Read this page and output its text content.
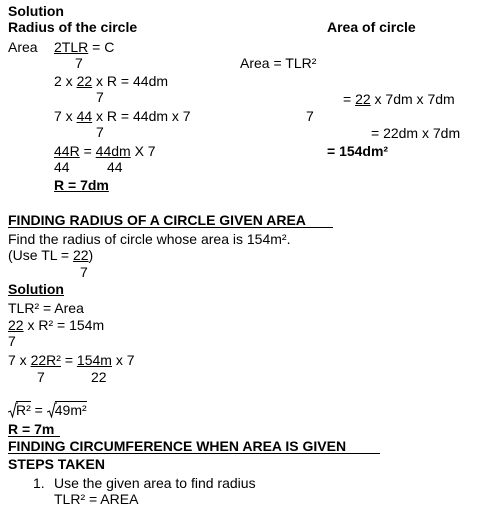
Solution
Radius of the circle	Area of circle
Area 2TLR = C
7
2 x 22 x R = 44dm
7
7 x 44 x R = 44dm x 7
7
44R = 44dm X 7
44	44
R = 7dm
Area = TLR²
= 22 x 7dm x 7dm
7
= 22dm x 7dm
= 154dm²
FINDING RADIUS OF A CIRCLE GIVEN AREA
Find the radius of circle whose area is 154m².
(Use TL = 22)
7
Solution
TLR² = Area
22 x R² = 154m
7
7 x 22R² = 154m x 7
7	22
R² =
49m²
R = 7m
FINDING CIRCUMFERENCE WHEN AREA IS GIVEN
STEPS TAKEN
1. Use the given area to find radius
TLR² = AREA
